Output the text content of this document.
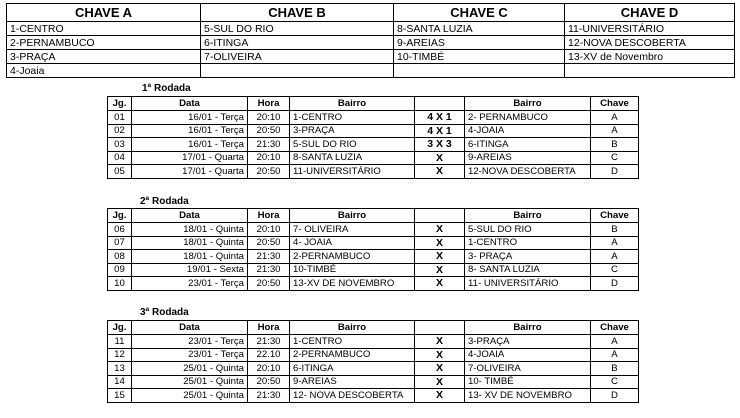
CHAVE A	CHAVE B	CHAVE C	CHAVE D
1-CENTRO	5-SUL DO RIO	8-SANTA LUZIA	11-UNIVERSITÁRIO
2-PERNAMBUCO	6-ITINGA	9-AREIAS	12-NOVA DESCOBERTA
3-PRAÇA	7-OLIVEIRA	10-TIMBÉ	13-XV de Novembro
4-Joaia			
1ª Rodada
Jg.	Data	Hora	Bairro		Bairro	Chave
01	16/01 - Terça	20:10	1-CENTRO	4 X 1	2- PERNAMBUCO	A
02	16/01 - Terça	20:50	3-PRAÇA	4 X 1	4-JOAIA	A
03	16/01 - Terça	21:30	5-SUL DO RIO	3 X 3	6-ITINGA	B
04	17/01 - Quarta	20:10	8-SANTA LUZIA	X	9-AREIAS	C
05	17/01 - Quarta	20:50	11-UNIVERSITÁRIO	X	12-NOVA DESCOBERTA	D
2ª Rodada
Jg.	Data	Hora	Bairro		Bairro	Chave
06	18/01 - Quinta	20:10	7- OLIVEIRA	X	5-SUL DO RIO	B
07	18/01 - Quinta	20:50	4- JOAIA	X	1-CENTRO	A
08	18/01 - Quinta	21:30	2-PERNAMBUCO	X	3- PRAÇA	A
09	19/01 - Sexta	21:30	10-TIMBÉ	X	8- SANTA LUZIA	C
10	23/01 - Terça	20:50	13-XV DE NOVEMBRO	X	11- UNIVERSITÁRIO	D
3ª Rodada
Jg.	Data	Hora	Bairro		Bairro	Chave
11	23/01 - Terça	21:30	1-CENTRO	X	3-PRAÇA	A
12	23/01 - Terça	22.10	2-PERNAMBUCO	X	4-JOAIA	A
13	25/01 - Quinta	20:10	6-ITINGA	X	7-OLIVEIRA	B
14	25/01 - Quinta	20:50	9-AREIAS	X	10- TIMBÉ	C
15	25/01 - Quinta	21:30	12- NOVA DESCOBERTA	X	13- XV DE NOVEMBRO	D
